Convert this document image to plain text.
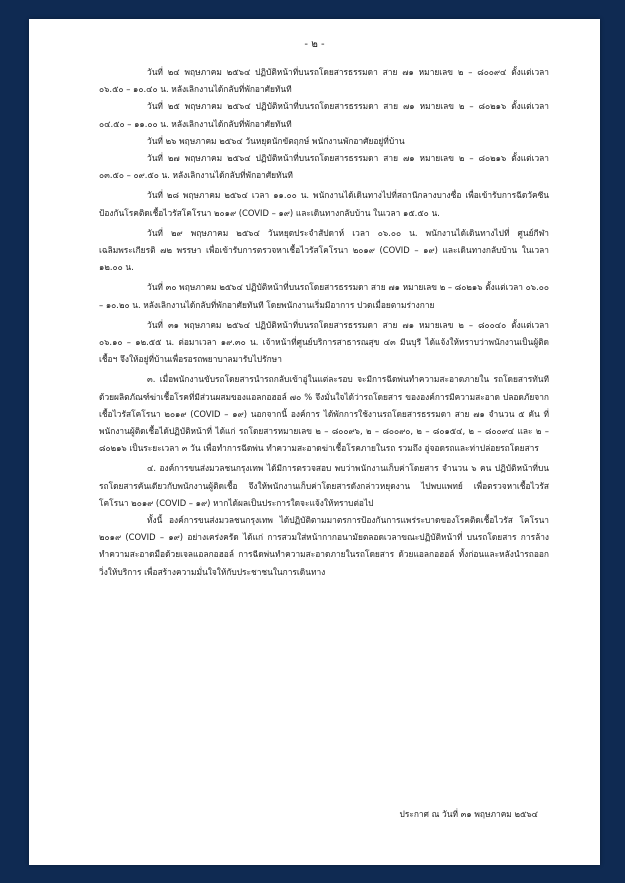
- ๒ -

วันที่ ๒๔ พฤษภาคม ๒๕๖๔ ปฏิบัติหน้าที่บนรถโดยสารธรรมดา สาย ๗๑ หมายเลข ๒ – ๘๐๐๙๔ ตั้งแต่เวลา ๐๖.๕๐ – ๑๐.๔๐ น. หลังเลิกงานได้กลับที่พักอาศัยทันที

วันที่ ๒๕ พฤษภาคม ๒๕๖๔ ปฏิบัติหน้าที่บนรถโดยสารธรรมดา สาย ๗๑ หมายเลข ๒ – ๘๐๒๑๖ ตั้งแต่เวลา ๐๔.๕๐ – ๑๑.๐๐ น. หลังเลิกงานได้กลับที่พักอาศัยทันที

วันที่ ๒๖ พฤษภาคม ๒๕๖๔ วันหยุดนักขัตฤกษ์ พนักงานพักอาศัยอยู่ที่บ้าน

วันที่ ๒๗ พฤษภาคม ๒๕๖๔ ปฏิบัติหน้าที่บนรถโดยสารธรรมดา สาย ๗๑ หมายเลข ๒ – ๘๐๒๑๖ ตั้งแต่เวลา ๐๓.๕๐ – ๐๙.๕๐ น. หลังเลิกงานได้กลับที่พักอาศัยทันที

วันที่ ๒๘ พฤษภาคม ๒๕๖๔ เวลา ๑๑.๐๐ น. พนักงานได้เดินทางไปที่สถานีกลางบางซื่อ เพื่อเข้ารับการฉีดวัคซีนป้องกันโรคติดเชื้อไวรัสโคโรนา ๒๐๑๙ (COVID – ๑๙) และเดินทางกลับบ้าน ในเวลา ๑๕.๕๐ น.

วันที่ ๒๙ พฤษภาคม ๒๕๖๔ วันหยุดประจำสัปดาห์ เวลา ๐๖.๐๐ น. พนักงานได้เดินทางไปที่ ศูนย์กีฬาเฉลิมพระเกียรติ ๗๒ พรรษา เพื่อเข้ารับการตรวจหาเชื้อไวรัสโคโรนา ๒๐๑๙ (COVID – ๑๙) และเดินทางกลับบ้าน ในเวลา ๑๒.๐๐ น.

วันที่ ๓๐ พฤษภาคม ๒๕๖๔ ปฏิบัติหน้าที่บนรถโดยสารธรรมดา สาย ๗๑ หมายเลข ๒ – ๘๐๒๑๖ ตั้งแต่เวลา ๐๖.๐๐ – ๑๐.๒๐ น. หลังเลิกงานได้กลับที่พักอาศัยทันที โดยพนักงานเริ่มมีอาการ ปวดเมื่อยตามร่างกาย

วันที่ ๓๑ พฤษภาคม ๒๕๖๔ ปฏิบัติหน้าที่บนรถโดยสารธรรมดา สาย ๗๑ หมายเลข ๒ – ๘๐๐๔๐ ตั้งแต่เวลา ๐๖.๑๐ – ๑๒.๕๕ น. ต่อมาเวลา ๑๙.๓๐ น. เจ้าหน้าที่ศูนย์บริการสาธารณสุข ๔๓ มีนบุรี ได้แจ้งให้ทราบว่าพนักงานเป็นผู้ติดเชื้อฯ จึงให้อยู่ที่บ้านเพื่อรอรถพยาบาลมารับไปรักษา

๓. เมื่อพนักงานขับรถโดยสารนำรถกลับเข้าอู่ในแต่ละรอบ จะมีการฉีดพ่นทำความสะอาดภายใน รถโดยสารทันทีด้วยผลิตภัณฑ์ฆ่าเชื้อโรคที่มีส่วนผสมของแอลกอฮอล์ ๗๐ % จึงมั่นใจได้ว่ารถโดยสาร ขององค์การมีความสะอาด ปลอดภัยจากเชื้อไวรัสโคโรนา ๒๐๑๙ (COVID – ๑๙) นอกจากนี้ องค์การ ได้พักการใช้งานรถโดยสารธรรมดา สาย ๗๑ จำนวน ๕ คัน ที่พนักงานผู้ติดเชื้อได้ปฏิบัติหน้าที่ ได้แก่ รถโดยสารหมายเลข ๒ – ๘๐๐๙๖, ๒ – ๘๐๐๙๐, ๒ – ๘๐๑๕๔, ๒ – ๘๐๐๙๔ และ ๒ – ๘๐๒๑๖ เป็นระยะเวลา ๓ วัน เพื่อทำการฉีดพ่น ทำความสะอาดฆ่าเชื้อโรคภายในรถ รวมถึง อู่จอดรถและท่าปล่อยรถโดยสาร

๔. องค์การขนส่งมวลชนกรุงเทพ ได้มีการตรวจสอบ พบว่าพนักงานเก็บค่าโดยสาร จำนวน ๖ คน ปฏิบัติหน้าที่บนรถโดยสารคันเดียวกับพนักงานผู้ติดเชื้อ จึงให้พนักงานเก็บค่าโดยสารดังกล่าวหยุดงาน ไปพบแพทย์ เพื่อตรวจหาเชื้อไวรัสโคโรนา ๒๐๑๙ (COVID – ๑๙) หากได้ผลเป็นประการใดจะแจ้งให้ทราบต่อไป

ทั้งนี้ องค์การขนส่งมวลชนกรุงเทพ ได้ปฏิบัติตามมาตรการป้องกันการแพร่ระบาดของโรคติดเชื้อไวรัส โคโรนา ๒๐๑๙ (COVID – ๑๙) อย่างเคร่งครัด ได้แก่ การสวมใส่หน้ากากอนามัยตลอดเวลาขณะปฏิบัติหน้าที่ บนรถโดยสาร การล้างทำความสะอาดมือด้วยเจลแอลกอฮอล์ การฉีดพ่นทำความสะอาดภายในรถโดยสาร ด้วยแอลกอฮอล์ ทั้งก่อนและหลังนำรถออกวิ่งให้บริการ เพื่อสร้างความมั่นใจให้กับประชาชนในการเดินทาง

ประกาศ ณ วันที่ ๓๑ พฤษภาคม ๒๕๖๔
